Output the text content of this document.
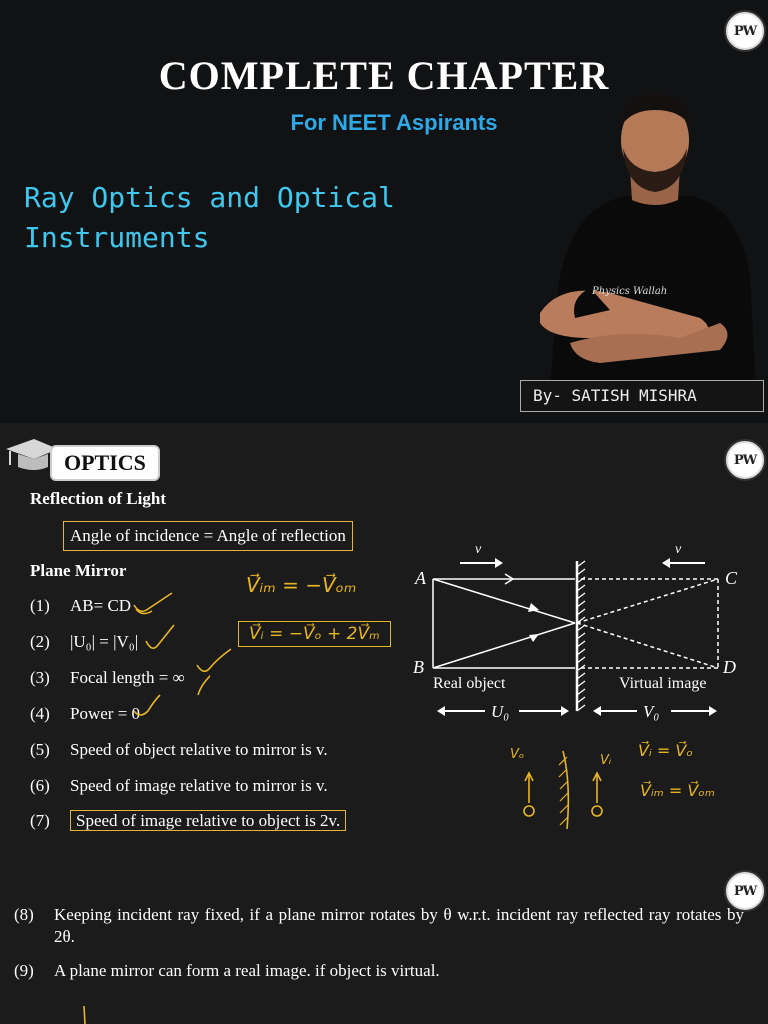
PW
COMPLETE CHAPTER
For NEET Aspirants
Ray Optics and Optical
Instruments
Physics Wallah
By- SATISH MISHRA
OPTICS	PW
Reflection of Light
Angle of incidence = Angle of reflection
Plane Mirror
(1) AB= CD
(2) |U₀| = |V₀|
(3) Focal length = ∞
(4) Power = 0
(5) Speed of object relative to mirror is v.
(6) Speed of image relative to mirror is v.
(7) Speed of image relative to object is 2v.
V⃗ᵢₘ = −V⃗ₒₘ
V⃗ᵢ = −V⃗ₒ + 2V⃗ₘ
A	C
B	D
v	v
Real object	Virtual image
U₀	V₀
Vₒ	Vᵢ
V⃗ᵢ = V⃗ₒ
V⃗ᵢₘ = V⃗ₒₘ
PW
(8) Keeping incident ray fixed, if a plane mirror rotates by θ w.r.t. incident ray reflected ray rotates by 2θ.
(9) A plane mirror can form a real image. if object is virtual.
